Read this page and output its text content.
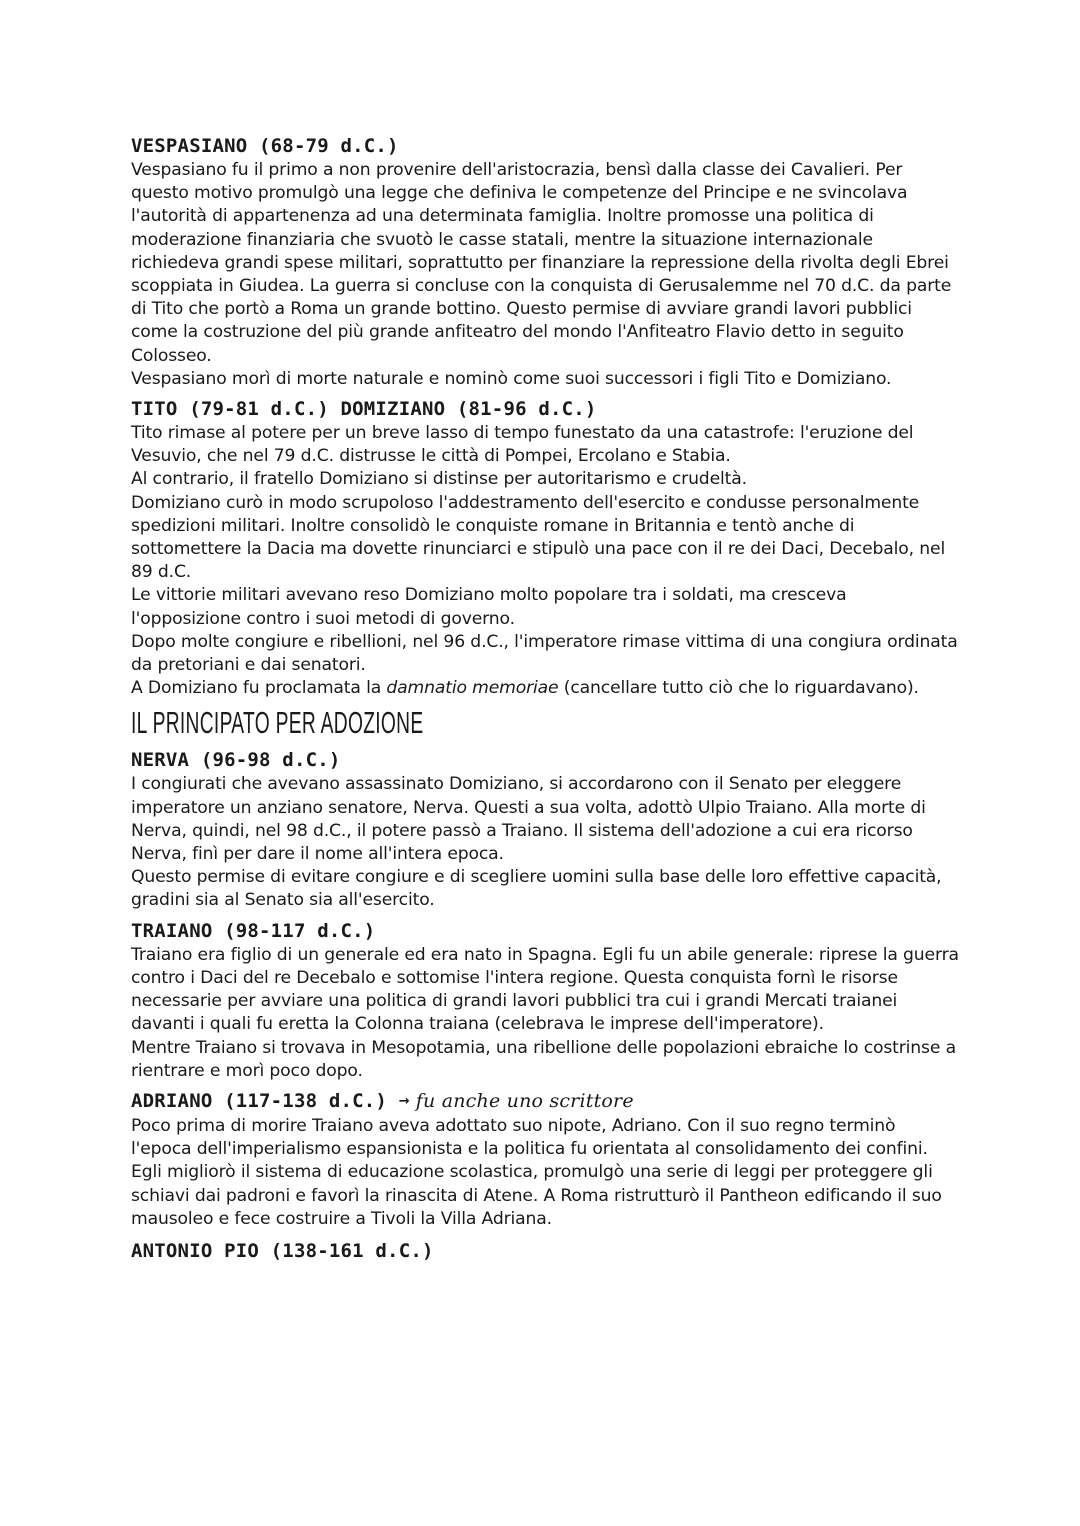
VESPASIANO (68-79 d.C.)

Vespasiano fu il primo a non provenire dell'aristocrazia, bensì dalla classe dei Cavalieri. Per questo motivo promulgò una legge che definiva le competenze del Principe e ne svincolava l'autorità di appartenenza ad una determinata famiglia. Inoltre promosse una politica di moderazione finanziaria che svuotò le casse statali, mentre la situazione internazionale richiedeva grandi spese militari, soprattutto per finanziare la repressione della rivolta degli Ebrei scoppiata in Giudea. La guerra si concluse con la conquista di Gerusalemme nel 70 d.C. da parte di Tito che portò a Roma un grande bottino. Questo permise di avviare grandi lavori pubblici come la costruzione del più grande anfiteatro del mondo l'Anfiteatro Flavio detto in seguito Colosseo.

Vespasiano morì di morte naturale e nominò come suoi successori i figli Tito e Domiziano.

TITO (79-81 d.C.) DOMIZIANO (81-96 d.C.)

Tito rimase al potere per un breve lasso di tempo funestato da una catastrofe: l'eruzione del Vesuvio, che nel 79 d.C. distrusse le città di Pompei, Ercolano e Stabia.

Al contrario, il fratello Domiziano si distinse per autoritarismo e crudeltà.

Domiziano curò in modo scrupoloso l'addestramento dell'esercito e condusse personalmente spedizioni militari. Inoltre consolidò le conquiste romane in Britannia e tentò anche di sottomettere la Dacia ma dovette rinunciarci e stipulò una pace con il re dei Daci, Decebalo, nel 89 d.C.

Le vittorie militari avevano reso Domiziano molto popolare tra i soldati, ma cresceva l'opposizione contro i suoi metodi di governo.

Dopo molte congiure e ribellioni, nel 96 d.C., l'imperatore rimase vittima di una congiura ordinata da pretoriani e dai senatori.

A Domiziano fu proclamata la damnatio memoriae (cancellare tutto ciò che lo riguardavano).

IL PRINCIPATO PER ADOZIONE
NERVA (96-98 d.C.)

I congiurati che avevano assassinato Domiziano, si accordarono con il Senato per eleggere imperatore un anziano senatore, Nerva. Questi a sua volta, adottò Ulpio Traiano. Alla morte di Nerva, quindi, nel 98 d.C., il potere passò a Traiano. Il sistema dell'adozione a cui era ricorso Nerva, finì per dare il nome all'intera epoca.

Questo permise di evitare congiure e di scegliere uomini sulla base delle loro effettive capacità, gradini sia al Senato sia all'esercito.

TRAIANO (98-117 d.C.)

Traiano era figlio di un generale ed era nato in Spagna. Egli fu un abile generale: riprese la guerra contro i Daci del re Decebalo e sottomise l'intera regione. Questa conquista fornì le risorse necessarie per avviare una politica di grandi lavori pubblici tra cui i grandi Mercati traianei davanti i quali fu eretta la Colonna traiana (celebrava le imprese dell'imperatore).

Mentre Traiano si trovava in Mesopotamia, una ribellione delle popolazioni ebraiche lo costrinse a rientrare e morì poco dopo.

ADRIANO (117-138 d.C.) → fu anche uno scrittore

Poco prima di morire Traiano aveva adottato suo nipote, Adriano. Con il suo regno terminò l'epoca dell'imperialismo espansionista e la politica fu orientata al consolidamento dei confini.

Egli migliorò il sistema di educazione scolastica, promulgò una serie di leggi per proteggere gli schiavi dai padroni e favorì la rinascita di Atene. A Roma ristrutturò il Pantheon edificando il suo mausoleo e fece costruire a Tivoli la Villa Adriana.

ANTONIO PIO (138-161 d.C.)
